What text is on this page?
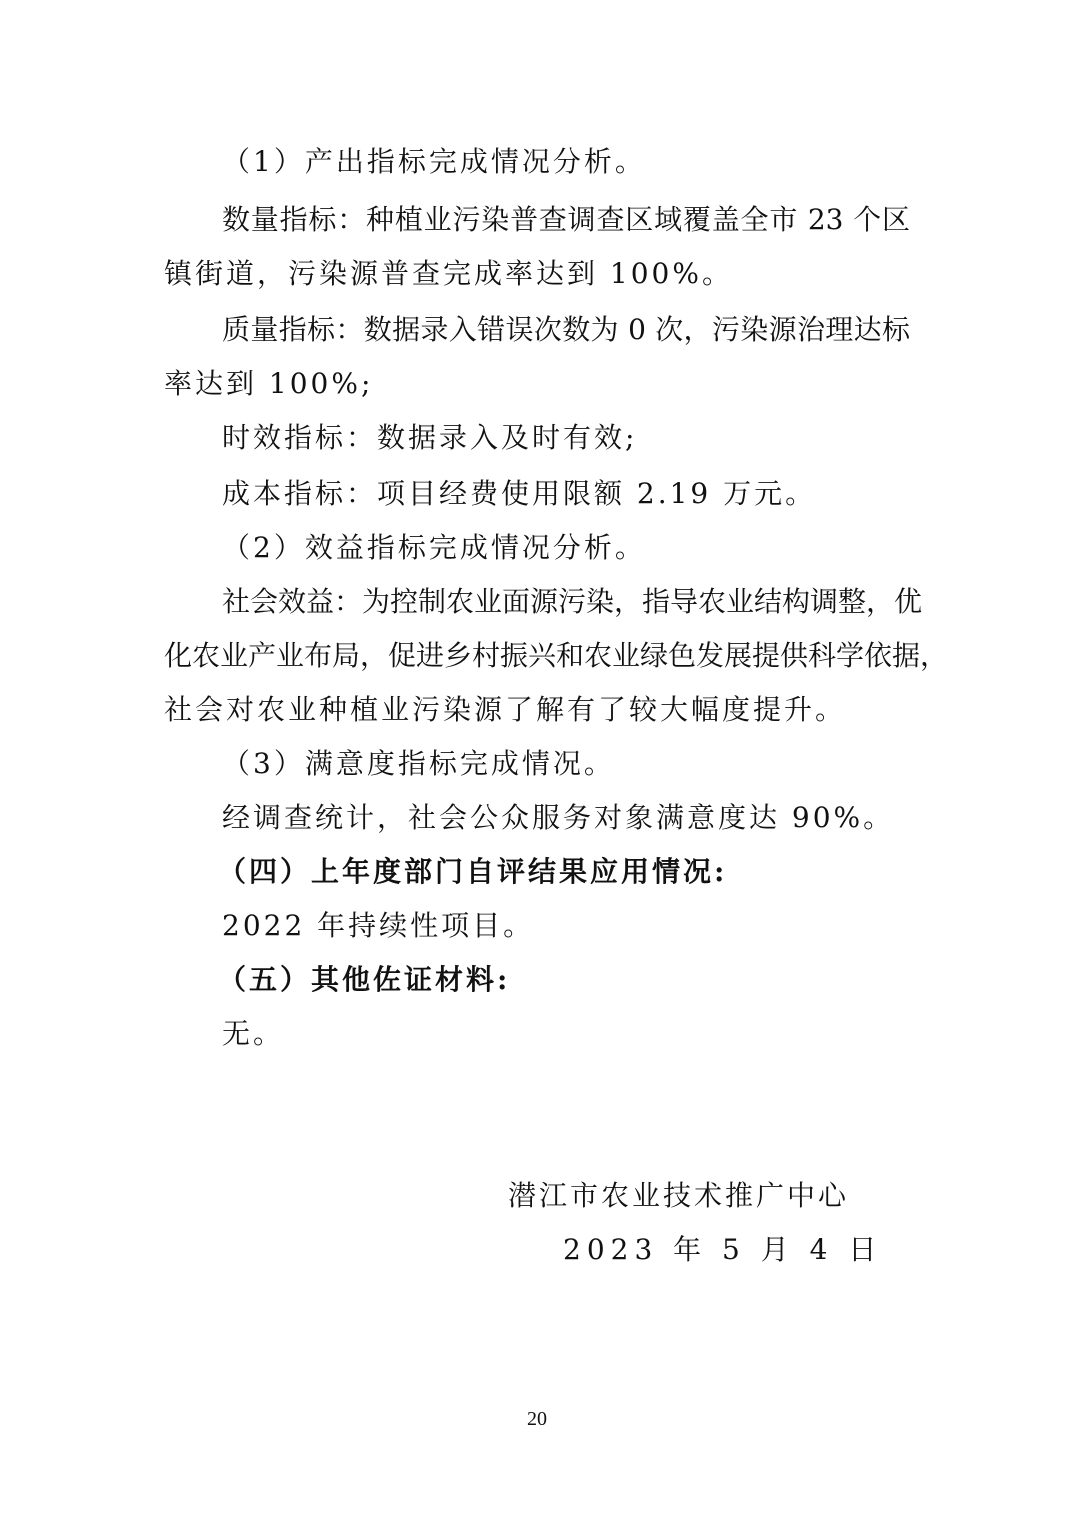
（1）产出指标完成情况分析。
数量指标：种植业污染普查调查区域覆盖全市 23 个区
镇街道，污染源普查完成率达到 100%。
质量指标：数据录入错误次数为 0 次，污染源治理达标
率达到 100%;
时效指标：数据录入及时有效;
成本指标：项目经费使用限额 2.19 万元。
（2）效益指标完成情况分析。
社会效益：为控制农业面源污染，指导农业结构调整，优
化农业产业布局，促进乡村振兴和农业绿色发展提供科学依据，
社会对农业种植业污染源了解有了较大幅度提升。
（3）满意度指标完成情况。
经调查统计，社会公众服务对象满意度达 90%。
（四）上年度部门自评结果应用情况:
2022 年持续性项目。
（五）其他佐证材料:
无。
潜江市农业技术推广中心
2023 年 5 月 4 日
20
